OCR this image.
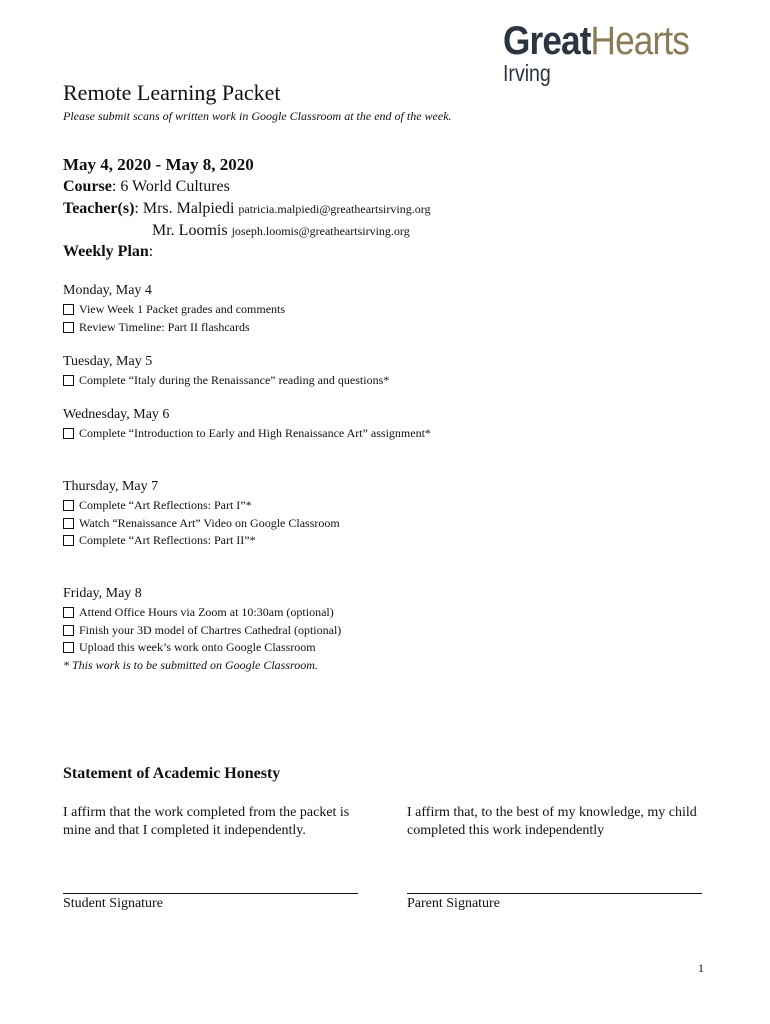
GreatHearts
Irving
Remote Learning Packet
Please submit scans of written work in Google Classroom at the end of the week.
May 4, 2020 - May 8, 2020
Course: 6 World Cultures
Teacher(s): Mrs. Malpiedi patricia.malpiedi@greatheartsirving.org
Mr. Loomis joseph.loomis@greatheartsirving.org
Weekly Plan:
Monday, May 4
View Week 1 Packet grades and comments
Review Timeline: Part II flashcards
Tuesday, May 5
Complete “Italy during the Renaissance” reading and questions*
Wednesday, May 6
Complete “Introduction to Early and High Renaissance Art” assignment*
Thursday, May 7
Complete “Art Reflections: Part I”*
Watch “Renaissance Art” Video on Google Classroom
Complete “Art Reflections: Part II”*
Friday, May 8
Attend Office Hours via Zoom at 10:30am (optional)
Finish your 3D model of Chartres Cathedral (optional)
Upload this week’s work onto Google Classroom
* This work is to be submitted on Google Classroom.
Statement of Academic Honesty
I affirm that the work completed from the packet is mine and that I completed it independently.
I affirm that, to the best of my knowledge, my child completed this work independently
Student Signature	Parent Signature
1
